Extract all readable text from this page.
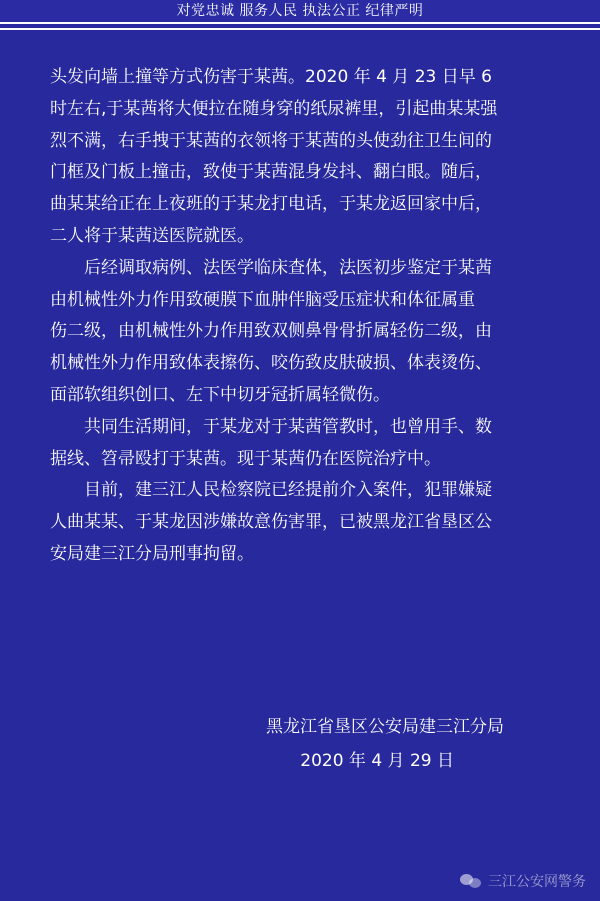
对党忠诚 服务人民 执法公正 纪律严明
头发向墙上撞等方式伤害于某茜。2020 年 4 月 23 日早 6
时左右,于某茜将大便拉在随身穿的纸尿裤里，引起曲某某强
烈不满，右手拽于某茜的衣领将于某茜的头使劲往卫生间的
门框及门板上撞击，致使于某茜混身发抖、翻白眼。随后，
曲某某给正在上夜班的于某龙打电话，于某龙返回家中后，
二人将于某茜送医院就医。
后经调取病例、法医学临床查体，法医初步鉴定于某茜
由机械性外力作用致硬膜下血肿伴脑受压症状和体征属重
伤二级，由机械性外力作用致双侧鼻骨骨折属轻伤二级，由
机械性外力作用致体表擦伤、咬伤致皮肤破损、体表烫伤、
面部软组织创口、左下中切牙冠折属轻微伤。
共同生活期间，于某龙对于某茜管教时，也曾用手、数
据线、笤帚殴打于某茜。现于某茜仍在医院治疗中。
目前，建三江人民检察院已经提前介入案件，犯罪嫌疑
人曲某某、于某龙因涉嫌故意伤害罪，已被黑龙江省垦区公
安局建三江分局刑事拘留。
黑龙江省垦区公安局建三江分局
2020 年 4 月 29 日
三江公安网警务
